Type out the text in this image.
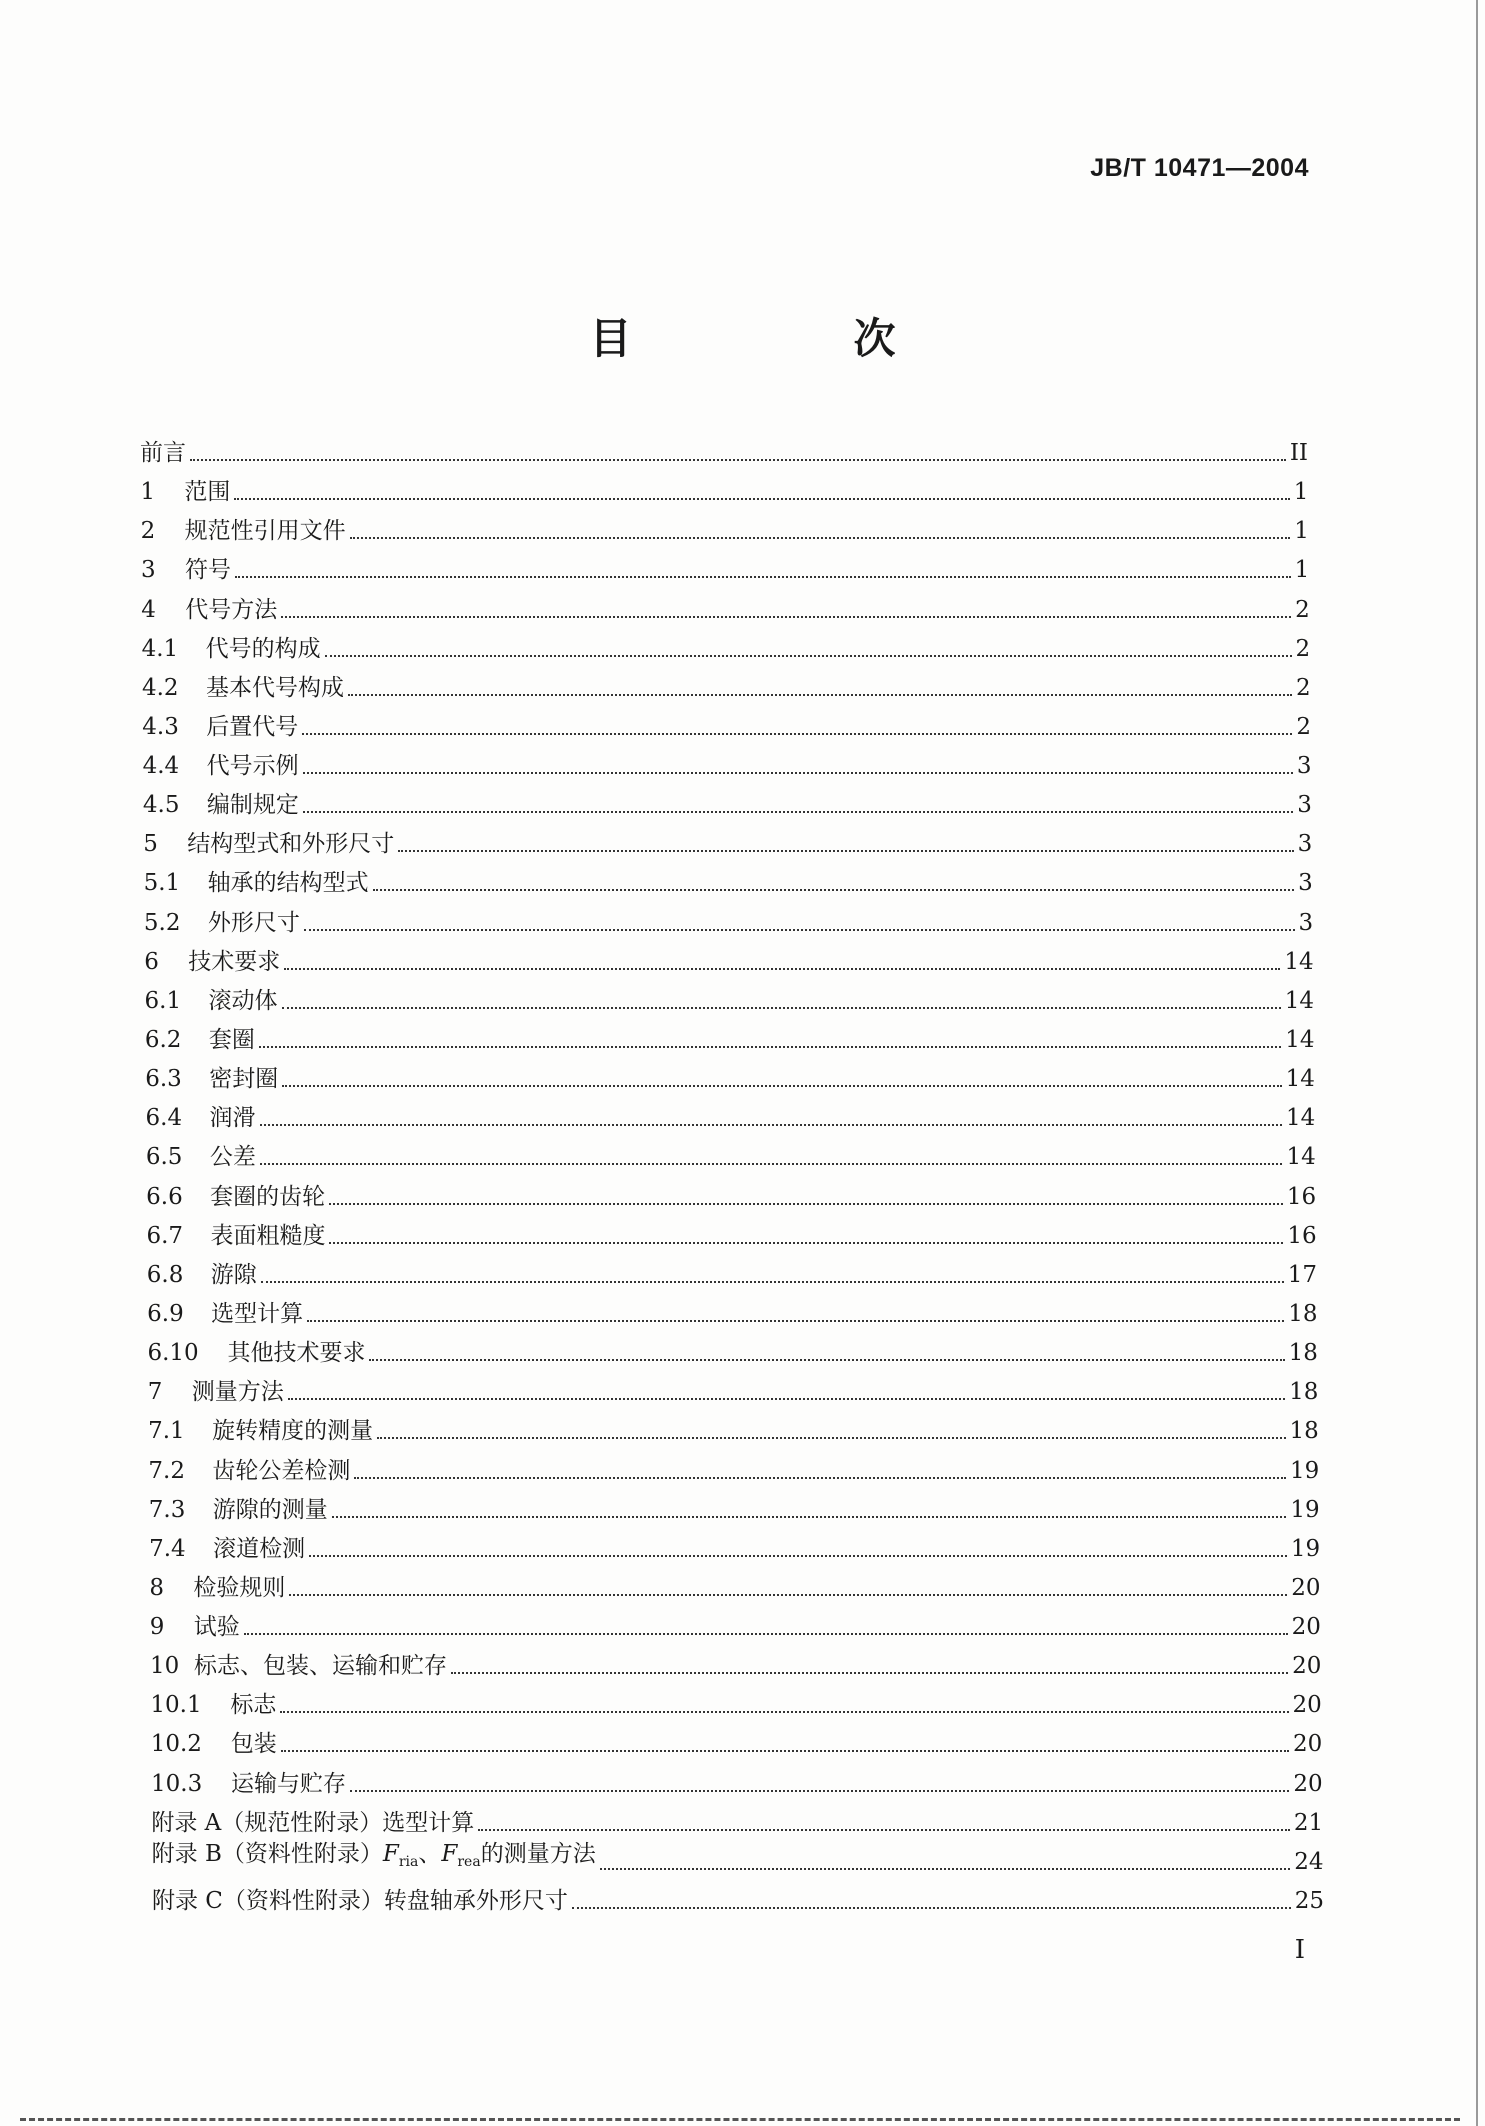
JB/T 10471—2004
目　次
前言	II
1	范围	1
2	规范性引用文件	1
3	符号	1
4	代号方法	2
4.1	代号的构成	2
4.2	基本代号构成	2
4.3	后置代号	2
4.4	代号示例	3
4.5	编制规定	3
5	结构型式和外形尺寸	3
5.1	轴承的结构型式	3
5.2	外形尺寸	3
6	技术要求	14
6.1	滚动体	14
6.2	套圈	14
6.3	密封圈	14
6.4	润滑	14
6.5	公差	14
6.6	套圈的齿轮	16
6.7	表面粗糙度	16
6.8	游隙	17
6.9	选型计算	18
6.10	其他技术要求	18
7	测量方法	18
7.1	旋转精度的测量	18
7.2	齿轮公差检测	19
7.3	游隙的测量	19
7.4	滚道检测	19
8	检验规则	20
9	试验	20
10 标志、包装、运输和贮存	20
10.1	标志	20
10.2	包装	20
10.3	运输与贮存	20
附录 A（规范性附录）选型计算	21
附录 B（资料性附录）$F_{ria}$、$F_{rea}$的测量方法	24
附录 C（资料性附录）转盘轴承外形尺寸	25
I
